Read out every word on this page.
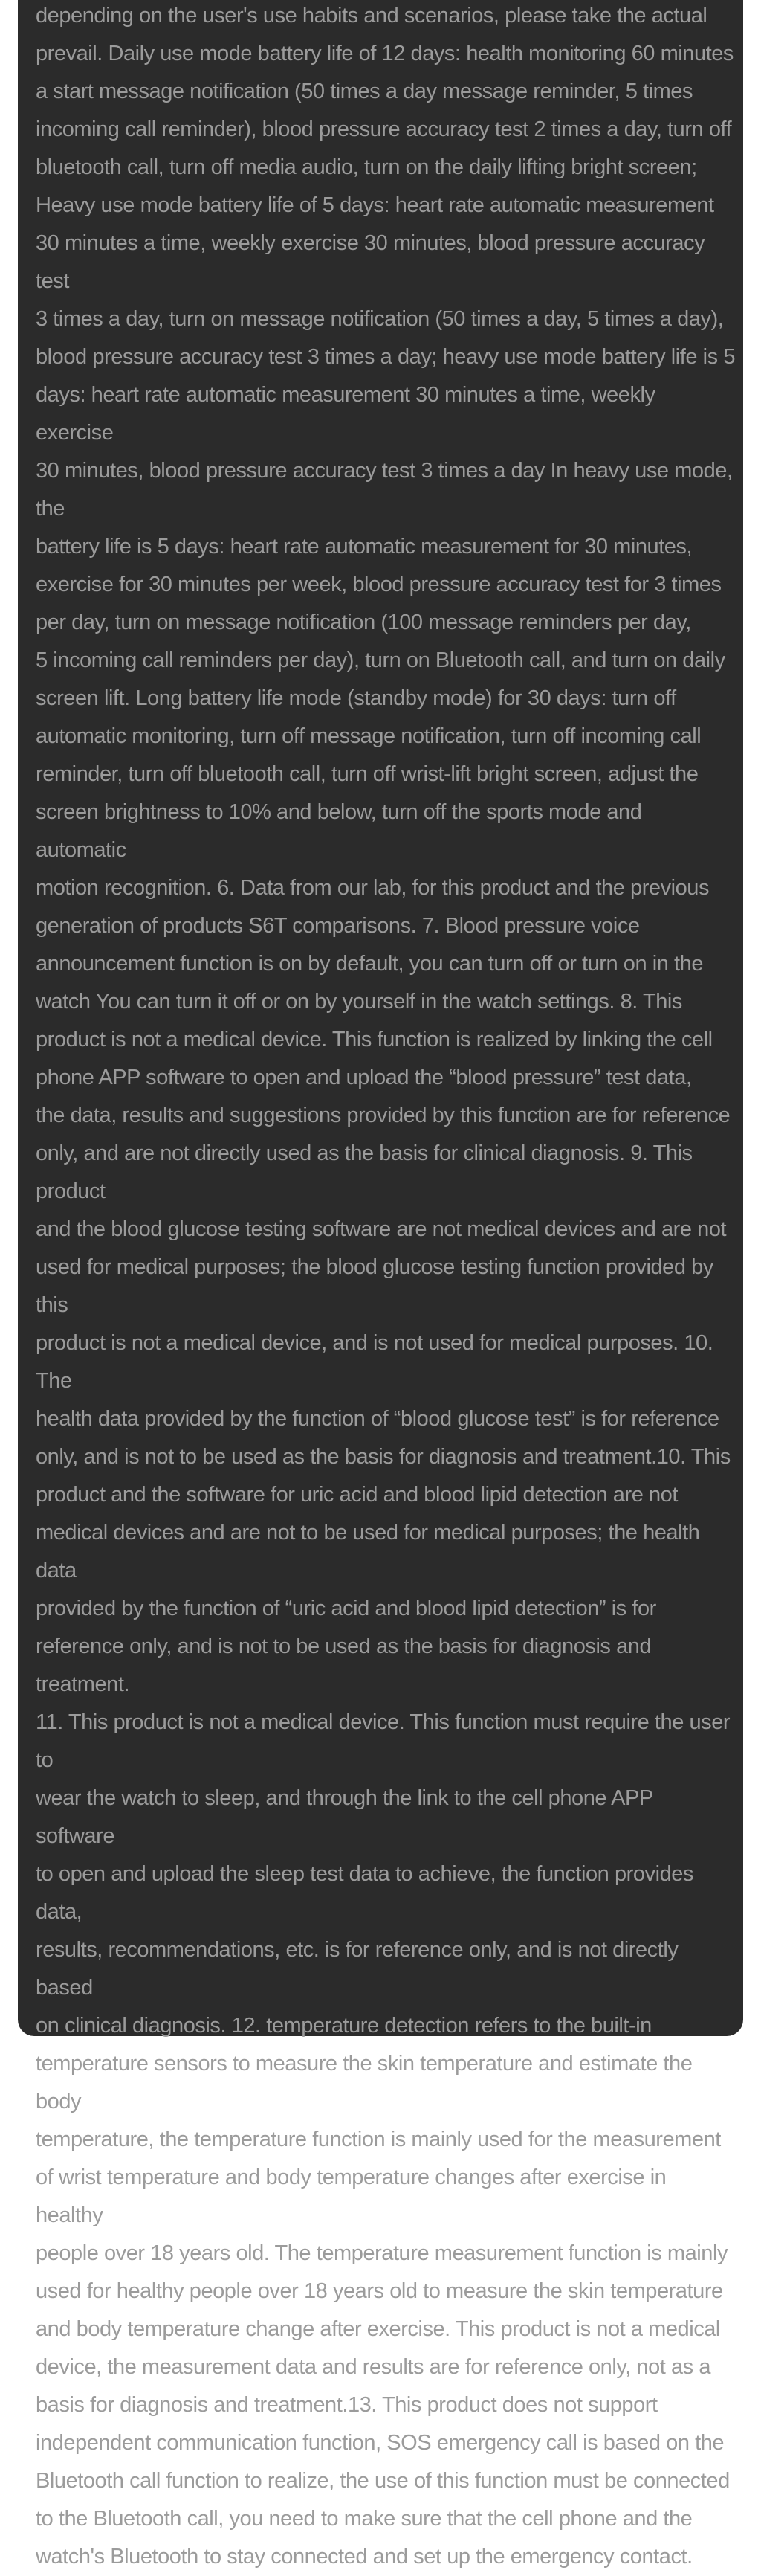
depending on the user's use habits and scenarios, please take the actual
prevail. Daily use mode battery life of 12 days: health monitoring 60 minutes
a start message notification (50 times a day message reminder, 5 times
incoming call reminder), blood pressure accuracy test 2 times a day, turn off
bluetooth call, turn off media audio, turn on the daily lifting bright screen;
Heavy use mode battery life of 5 days: heart rate automatic measurement
30 minutes a time, weekly exercise 30 minutes, blood pressure accuracy test
3 times a day, turn on message notification (50 times a day, 5 times a day),
blood pressure accuracy test 3 times a day; heavy use mode battery life is 5
days: heart rate automatic measurement 30 minutes a time, weekly exercise
30 minutes, blood pressure accuracy test 3 times a day In heavy use mode, the
battery life is 5 days: heart rate automatic measurement for 30 minutes,
exercise for 30 minutes per week, blood pressure accuracy test for 3 times
per day, turn on message notification (100 message reminders per day,
5 incoming call reminders per day), turn on Bluetooth call, and turn on daily
screen lift. Long battery life mode (standby mode) for 30 days: turn off
automatic monitoring, turn off message notification, turn off incoming call
reminder, turn off bluetooth call, turn off wrist-lift bright screen, adjust the
screen brightness to 10% and below, turn off the sports mode and automatic
motion recognition. 6. Data from our lab, for this product and the previous
generation of products S6T comparisons. 7. Blood pressure voice
announcement function is on by default, you can turn off or turn on in the
watch You can turn it off or on by yourself in the watch settings. 8. This
product is not a medical device. This function is realized by linking the cell
phone APP software to open and upload the “blood pressure” test data,
the data, results and suggestions provided by this function are for reference
only, and are not directly used as the basis for clinical diagnosis. 9. This product
and the blood glucose testing software are not medical devices and are not
used for medical purposes; the blood glucose testing function provided by this
product is not a medical device, and is not used for medical purposes. 10. The
health data provided by the function of “blood glucose test” is for reference
only, and is not to be used as the basis for diagnosis and treatment.10. This
product and the software for uric acid and blood lipid detection are not
medical devices and are not to be used for medical purposes; the health data
provided by the function of “uric acid and blood lipid detection” is for
reference only, and is not to be used as the basis for diagnosis and treatment.
11. This product is not a medical device. This function must require the user to
wear the watch to sleep, and through the link to the cell phone APP software
to open and upload the sleep test data to achieve, the function provides data,
results, recommendations, etc. is for reference only, and is not directly based
on clinical diagnosis. 12. temperature detection refers to the built-in
temperature sensors to measure the skin temperature and estimate the body
temperature, the temperature function is mainly used for the measurement
of wrist temperature and body temperature changes after exercise in healthy
people over 18 years old. The temperature measurement function is mainly
used for healthy people over 18 years old to measure the skin temperature
and body temperature change after exercise. This product is not a medical
device, the measurement data and results are for reference only, not as a
basis for diagnosis and treatment.13. This product does not support
independent communication function, SOS emergency call is based on the
Bluetooth call function to realize, the use of this function must be connected
to the Bluetooth call, you need to make sure that the cell phone and the
watch's Bluetooth to stay connected and set up the emergency contact.
